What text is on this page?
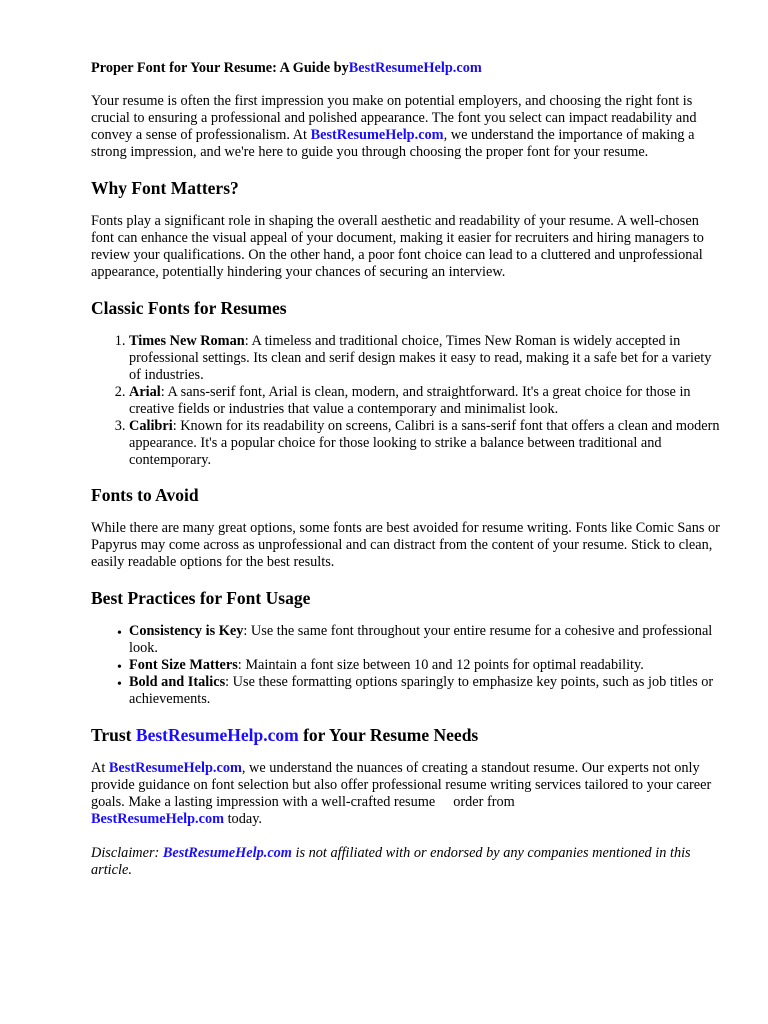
Proper Font for Your Resume: A Guide byBestResumeHelp.com

Your resume is often the first impression you make on potential employers, and choosing the right font is crucial to ensuring a professional and polished appearance. The font you select can impact readability and convey a sense of professionalism. At BestResumeHelp.com, we understand the importance of making a strong impression, and we're here to guide you through choosing the proper font for your resume.

Why Font Matters?

Fonts play a significant role in shaping the overall aesthetic and readability of your resume. A well-chosen font can enhance the visual appeal of your document, making it easier for recruiters and hiring managers to review your qualifications. On the other hand, a poor font choice can lead to a cluttered and unprofessional appearance, potentially hindering your chances of securing an interview.

Classic Fonts for Resumes
1. Times New Roman: A timeless and traditional choice, Times New Roman is widely accepted in professional settings. Its clean and serif design makes it easy to read, making it a safe bet for a variety of industries.
2. Arial: A sans-serif font, Arial is clean, modern, and straightforward. It's a great choice for those in creative fields or industries that value a contemporary and minimalist look.
3. Calibri: Known for its readability on screens, Calibri is a sans-serif font that offers a clean and modern appearance. It's a popular choice for those looking to strike a balance between traditional and contemporary.
Fonts to Avoid

While there are many great options, some fonts are best avoided for resume writing. Fonts like Comic Sans or Papyrus may come across as unprofessional and can distract from the content of your resume. Stick to clean, easily readable options for the best results.

Best Practices for Font Usage
• Consistency is Key: Use the same font throughout your entire resume for a cohesive and professional look.
• Font Size Matters: Maintain a font size between 10 and 12 points for optimal readability.
• Bold and Italics: Use these formatting options sparingly to emphasize key points, such as job titles or achievements.
Trust BestResumeHelp.com for Your Resume Needs

At BestResumeHelp.com, we understand the nuances of creating a standout resume. Our experts not only provide guidance on font selection but also offer professional resume writing services tailored to your career goals. Make a lasting impression with a well-crafted resume order from
BestResumeHelp.com today.

Disclaimer: BestResumeHelp.com is not affiliated with or endorsed by any companies mentioned in this article.
